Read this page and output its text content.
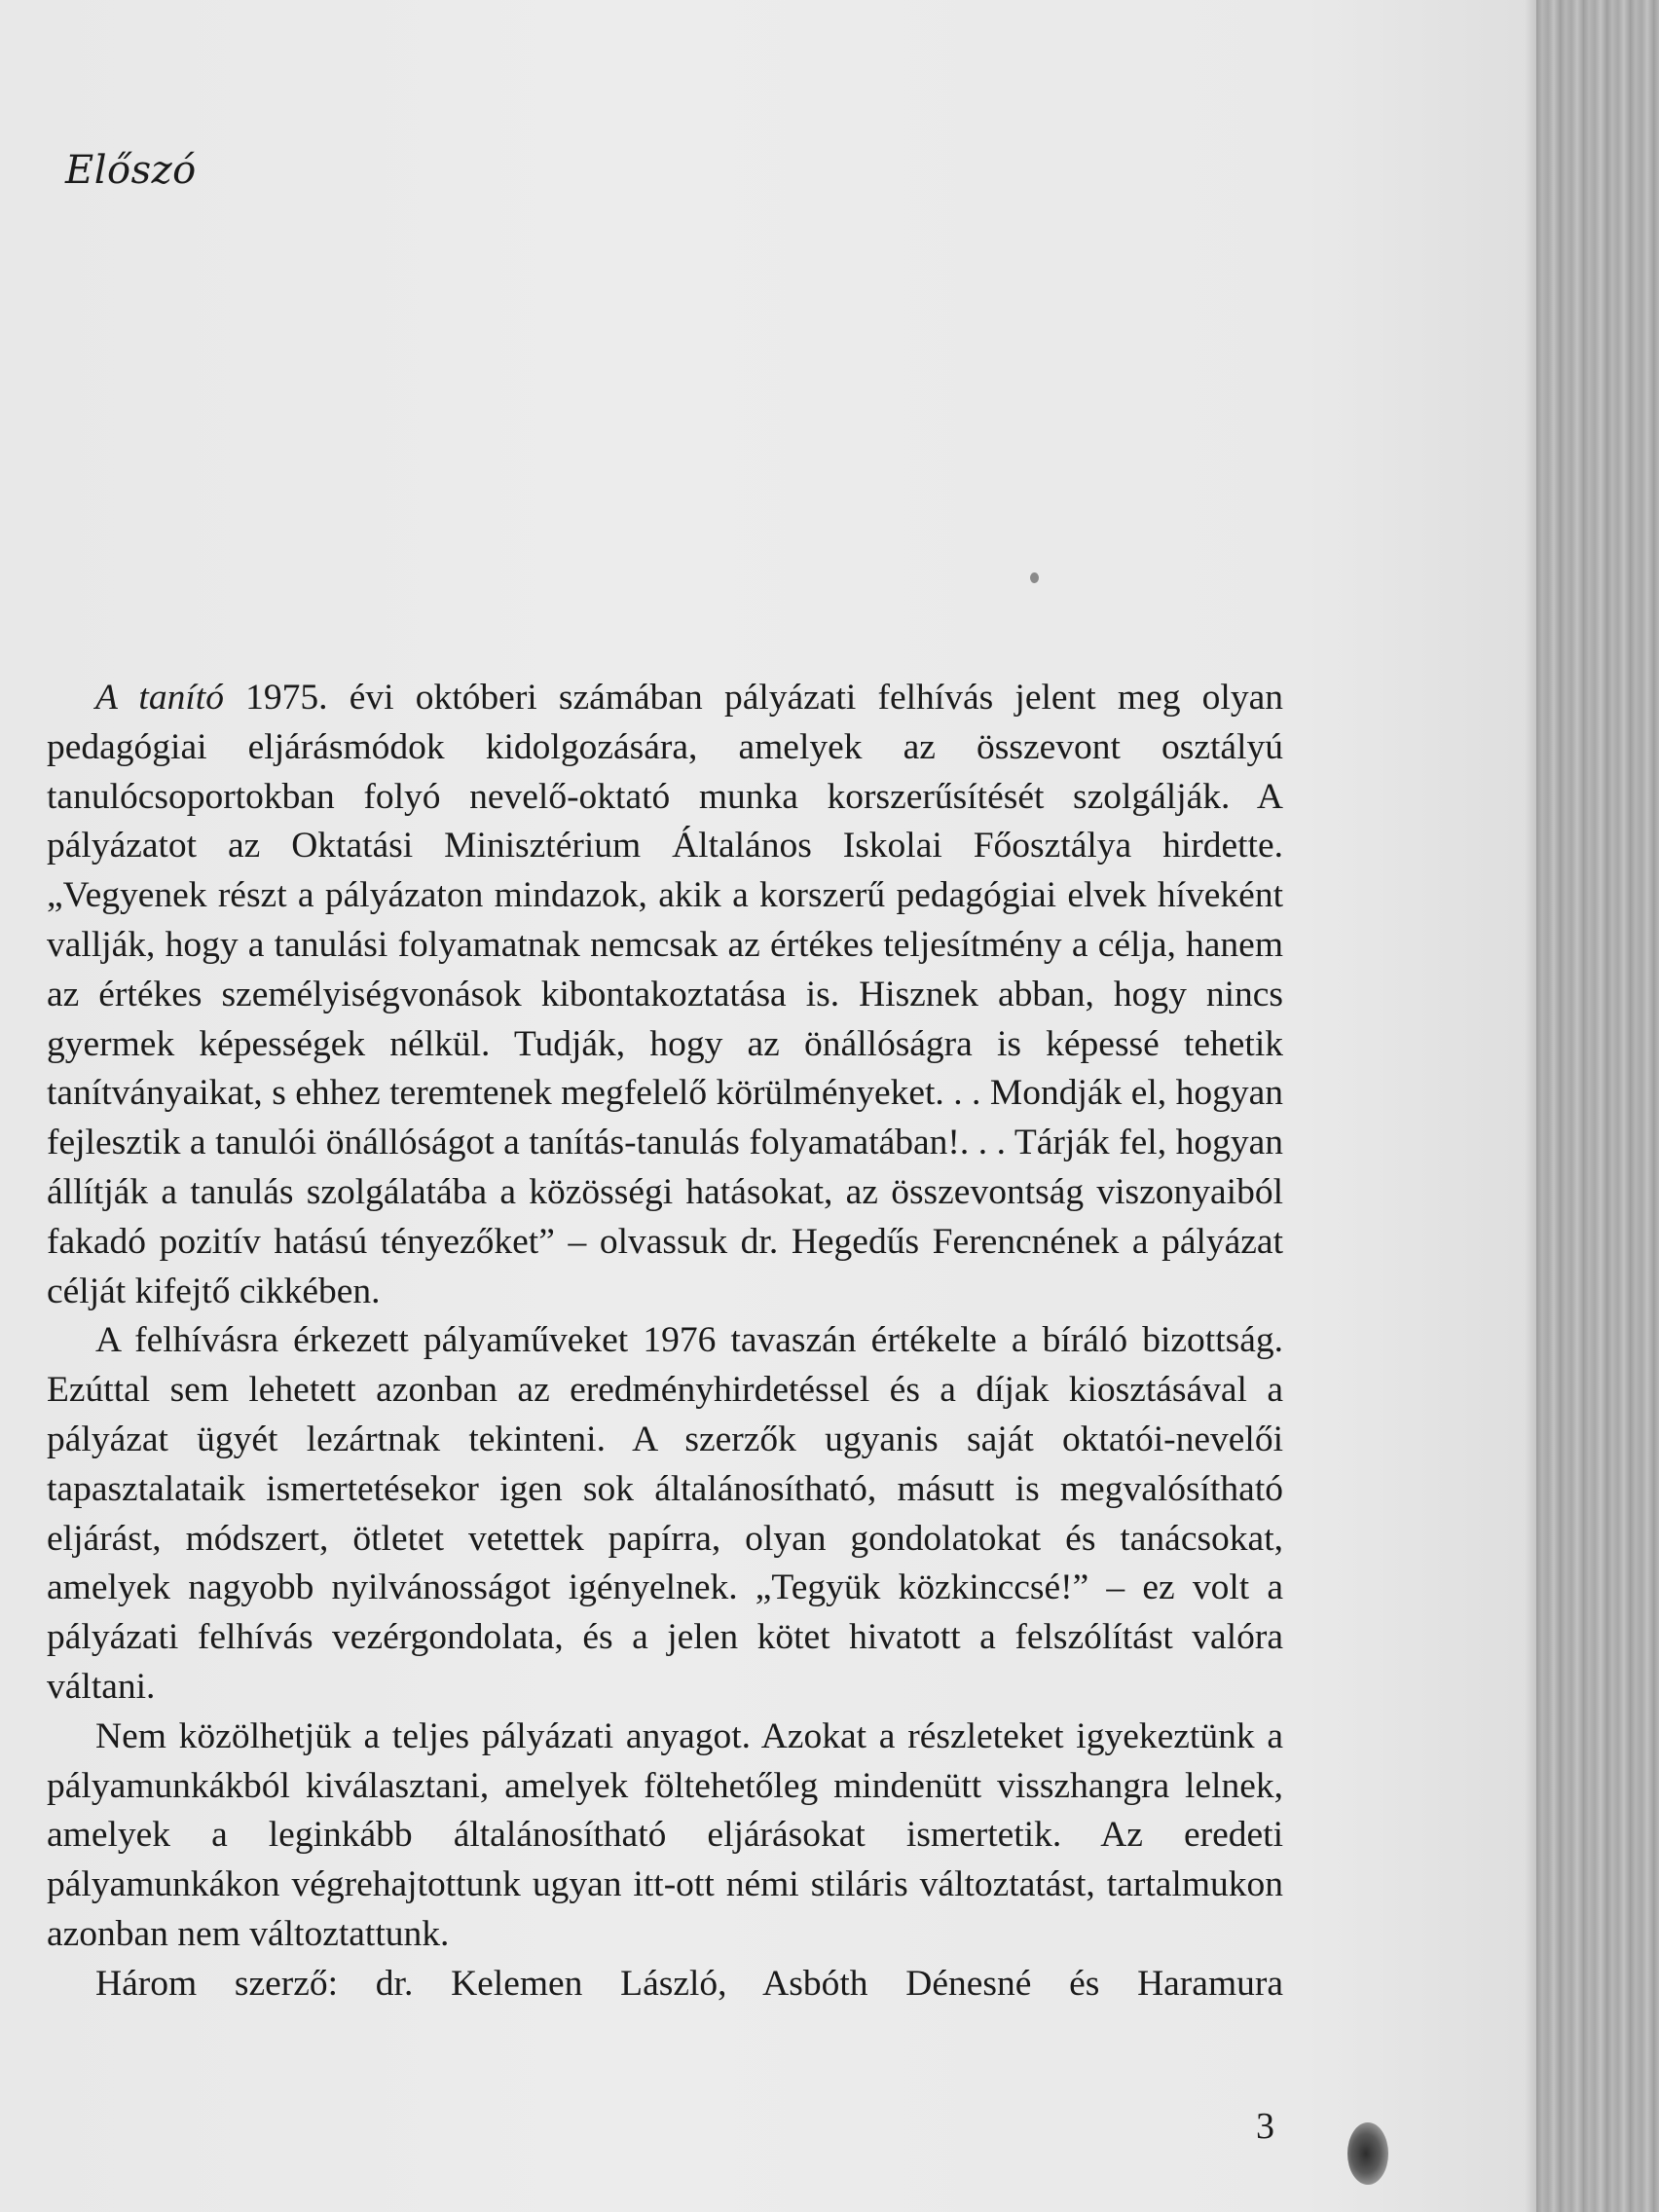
Előszó

A tanító 1975. évi októberi számában pályázati felhívás jelent meg olyan pedagógiai eljárásmódok kidolgozására, amelyek az összevont osztályú tanulócsoportokban folyó nevelő-oktató munka korszerűsítését szolgálják. A pályázatot az Oktatási Minisztérium Általános Iskolai Főosztálya hirdette. „Vegyenek részt a pályázaton mindazok, akik a korszerű pedagógiai elvek híveként vallják, hogy a tanulási folyamatnak nemcsak az értékes teljesítmény a célja, hanem az értékes személyiségvonások kibontakoztatása is. Hisznek abban, hogy nincs gyermek képességek nélkül. Tudják, hogy az önállóságra is képessé tehetik tanítványaikat, s ehhez teremtenek megfelelő körülményeket. . . Mondják el, hogyan fejlesztik a tanulói önállóságot a tanítás-tanulás folyamatában!. . . Tárják fel, hogyan állítják a tanulás szolgálatába a közösségi hatásokat, az összevontság viszonyaiból fakadó pozitív hatású tényezőket” – olvassuk dr. Hegedűs Ferencnének a pályázat célját kifejtő cikkében.

A felhívásra érkezett pályaműveket 1976 tavaszán értékelte a bíráló bizottság. Ezúttal sem lehetett azonban az eredményhirdetéssel és a díjak kiosztásával a pályázat ügyét lezártnak tekinteni. A szerzők ugyanis saját oktatói-nevelői tapasztalataik ismertetésekor igen sok általánosítható, másutt is megvalósítható eljárást, módszert, ötletet vetettek papírra, olyan gondolatokat és tanácsokat, amelyek nagyobb nyilvánosságot igényelnek. „Tegyük közkinccsé!” – ez volt a pályázati felhívás vezérgondolata, és a jelen kötet hivatott a felszólítást valóra váltani.

Nem közölhetjük a teljes pályázati anyagot. Azokat a részleteket igyekeztünk a pályamunkákból kiválasztani, amelyek föltehetőleg mindenütt visszhangra lelnek, amelyek a leginkább általánosítható eljárásokat ismertetik. Az eredeti pályamunkákon végrehajtottunk ugyan itt-ott némi stiláris változtatást, tartalmukon azonban nem változtattunk.

Három szerző: dr. Kelemen László, Asbóth Dénesné és Haramura

3
